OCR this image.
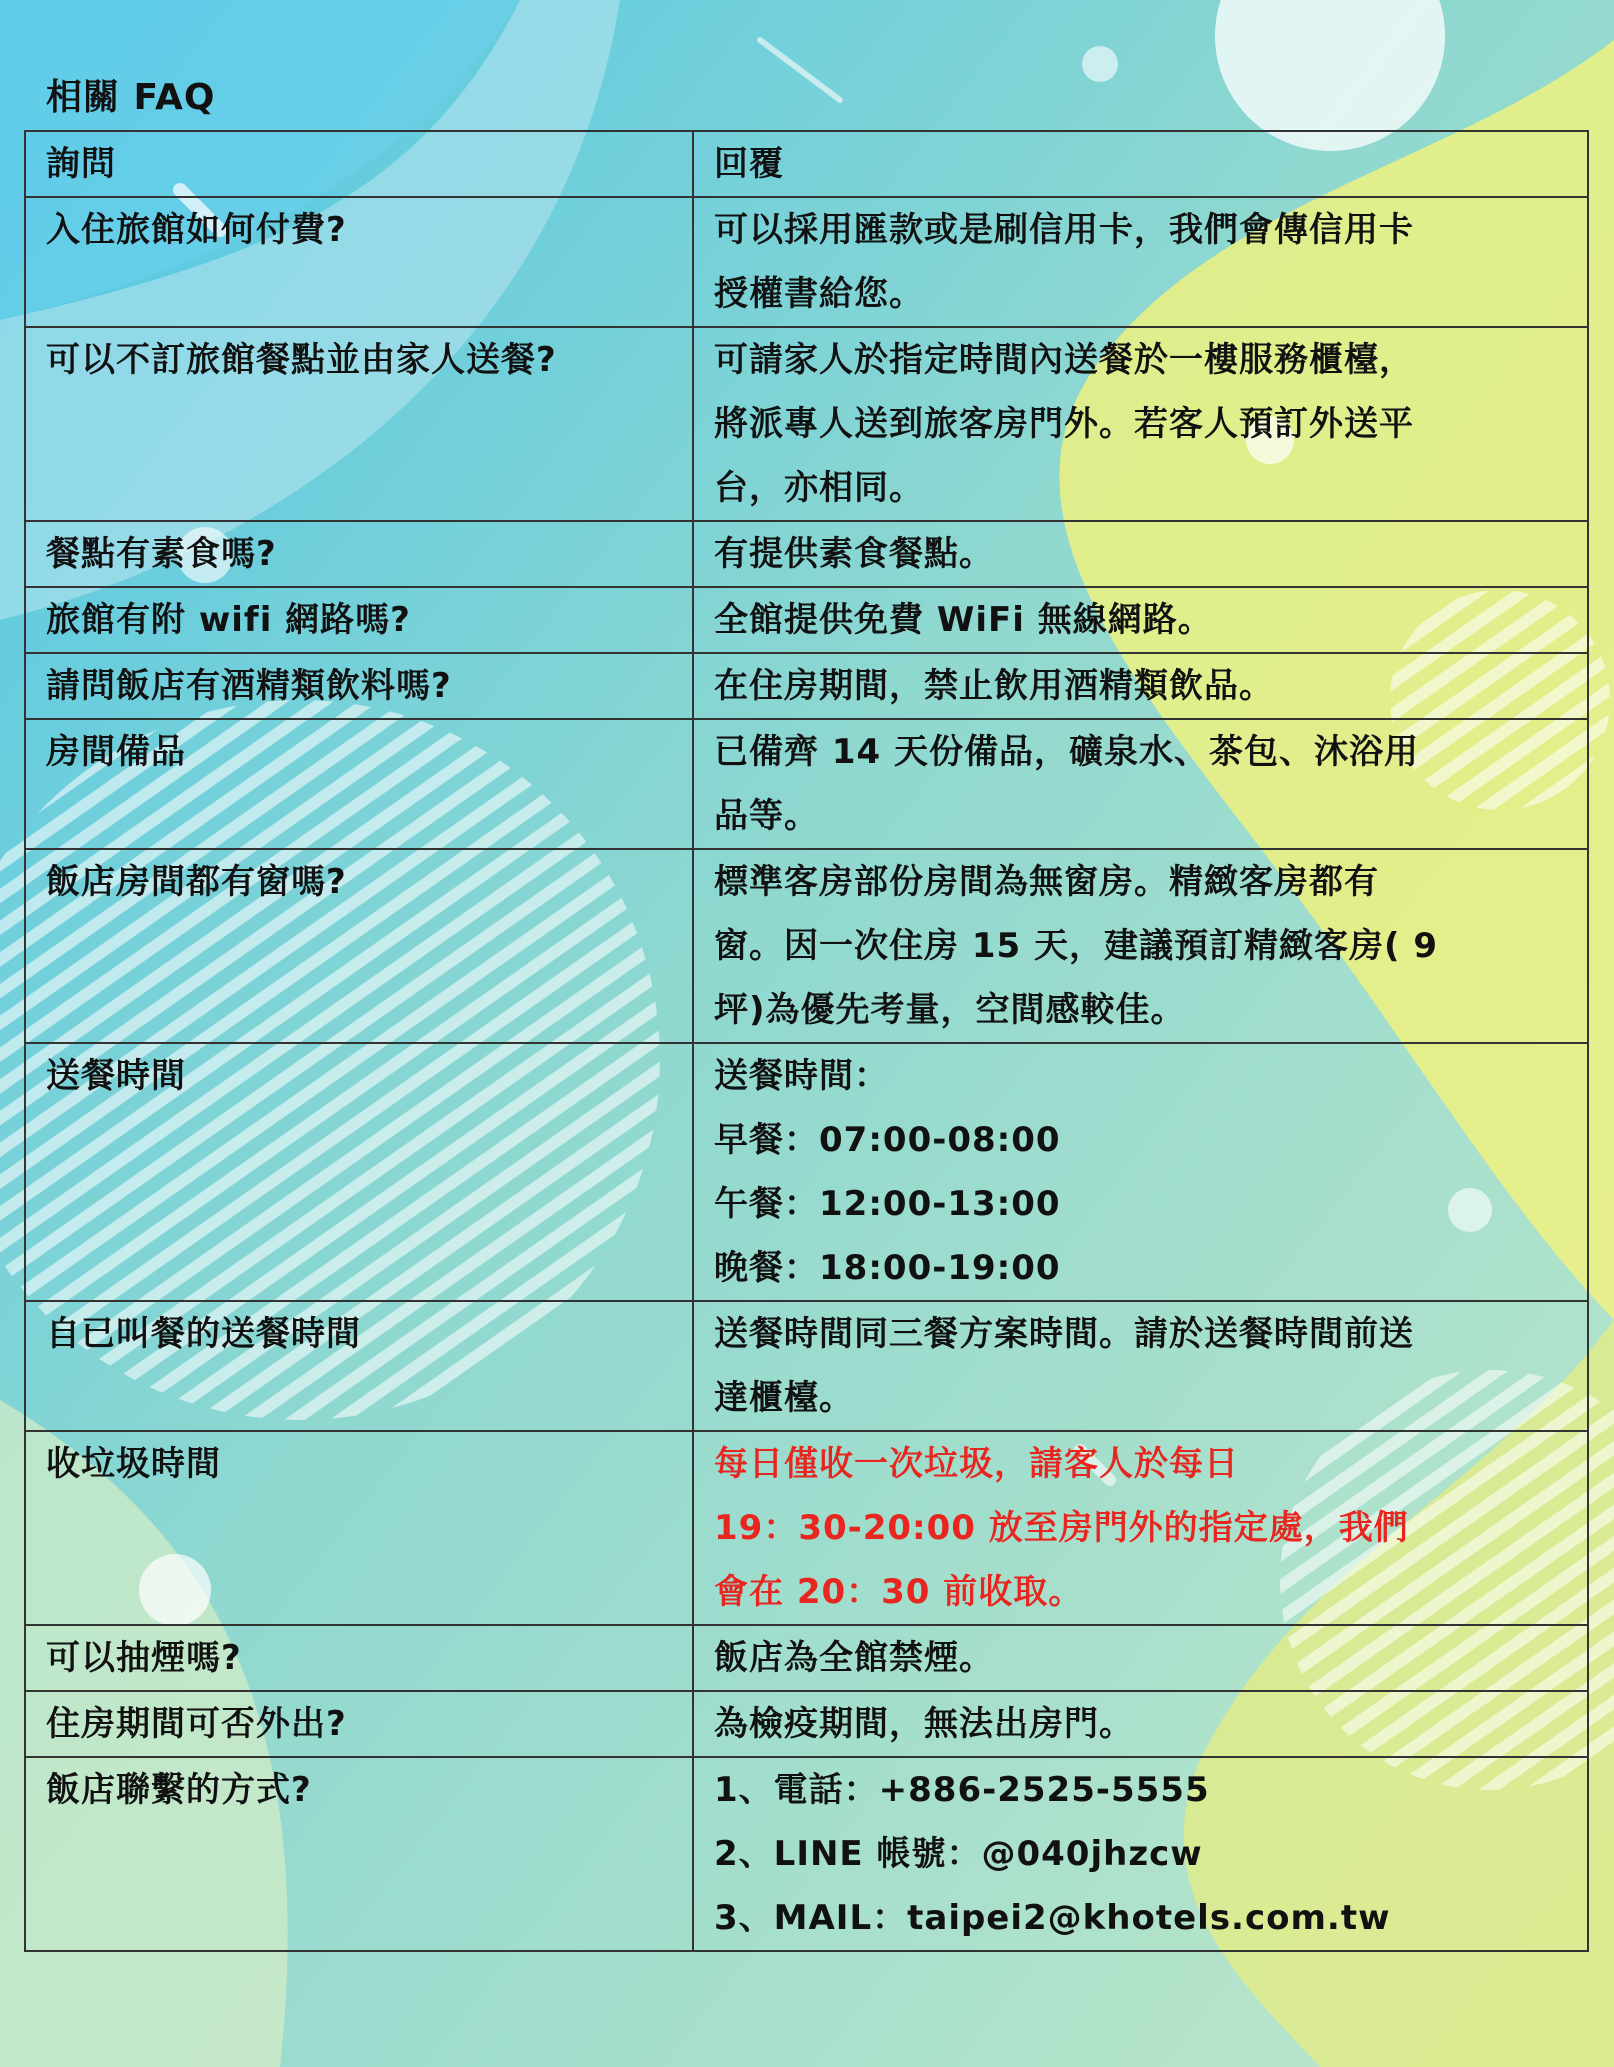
相關 FAQ
詢問	回覆
入住旅館如何付費?	可以採用匯款或是刷信用卡，我們會傳信用卡
授權書給您。
可以不訂旅館餐點並由家人送餐?	可請家人於指定時間內送餐於一樓服務櫃檯，
將派專人送到旅客房門外。若客人預訂外送平
台，亦相同。
餐點有素食嗎?	有提供素食餐點。
旅館有附 wifi 網路嗎?	全館提供免費 WiFi 無線網路。
請問飯店有酒精類飲料嗎?	在住房期間，禁止飲用酒精類飲品。

房間備品	已備齊 14 天份備品，礦泉水、茶包、沐浴用
品等。
飯店房間都有窗嗎?	標準客房部份房間為無窗房。精緻客房都有
窗。因一次住房 15 天，建議預訂精緻客房( 9
坪)為優先考量，空間感較佳。
送餐時間	送餐時間：
早餐：07:00-08:00
午餐：12:00-13:00
晚餐：18:00-19:00
自已叫餐的送餐時間	送餐時間同三餐方案時間。請於送餐時間前送
達櫃檯。
收垃圾時間	每日僅收一次垃圾，請客人於每日
19：30-20:00 放至房門外的指定處，我們
會在 20：30 前收取。
可以抽煙嗎?	飯店為全館禁煙。
住房期間可否外出?	為檢疫期間，無法出房門。
飯店聯繫的方式?	1、電話：+886-2525-5555
2、LINE 帳號：@040jhzcw
3、MAIL：taipei2@khotels.com.tw
